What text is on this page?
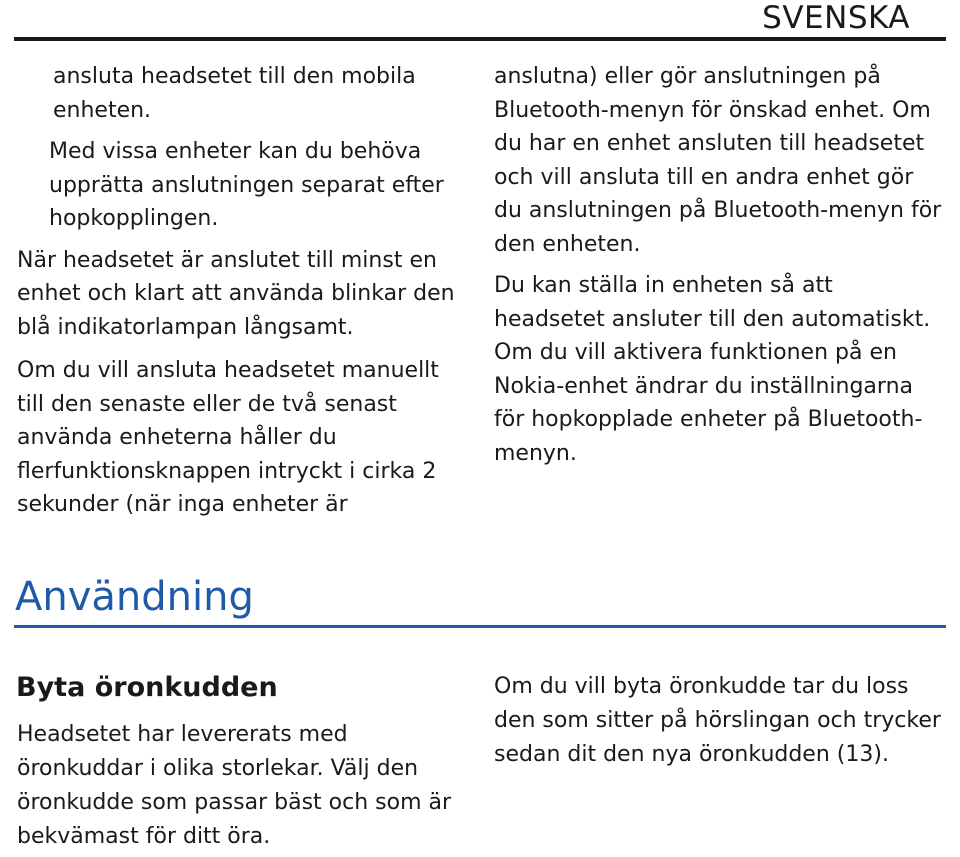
SVENSKA

ansluta headsetet till den mobila enheten.

Med vissa enheter kan du behöva upprätta anslutningen separat efter hopkopplingen.

När headsetet är anslutet till minst en enhet och klart att använda blinkar den blå indikatorlampan långsamt.

Om du vill ansluta headsetet manuellt till den senaste eller de två senast använda enheterna håller du flerfunktionsknappen intryckt i cirka 2 sekunder (när inga enheter är

anslutna) eller gör anslutningen på Bluetooth-menyn för önskad enhet. Om du har en enhet ansluten till headsetet och vill ansluta till en andra enhet gör du anslutningen på Bluetooth-menyn för den enheten.

Du kan ställa in enheten så att headsetet ansluter till den automatiskt. Om du vill aktivera funktionen på en Nokia-enhet ändrar du inställningarna för hopkopplade enheter på Bluetooth-menyn.

Användning
Byta öronkudden

Headsetet har levererats med öronkuddar i olika storlekar. Välj den öronkudde som passar bäst och som är bekvämast för ditt öra.

Om du vill byta öronkudde tar du loss den som sitter på hörslingan och trycker sedan dit den nya öronkudden (13).
